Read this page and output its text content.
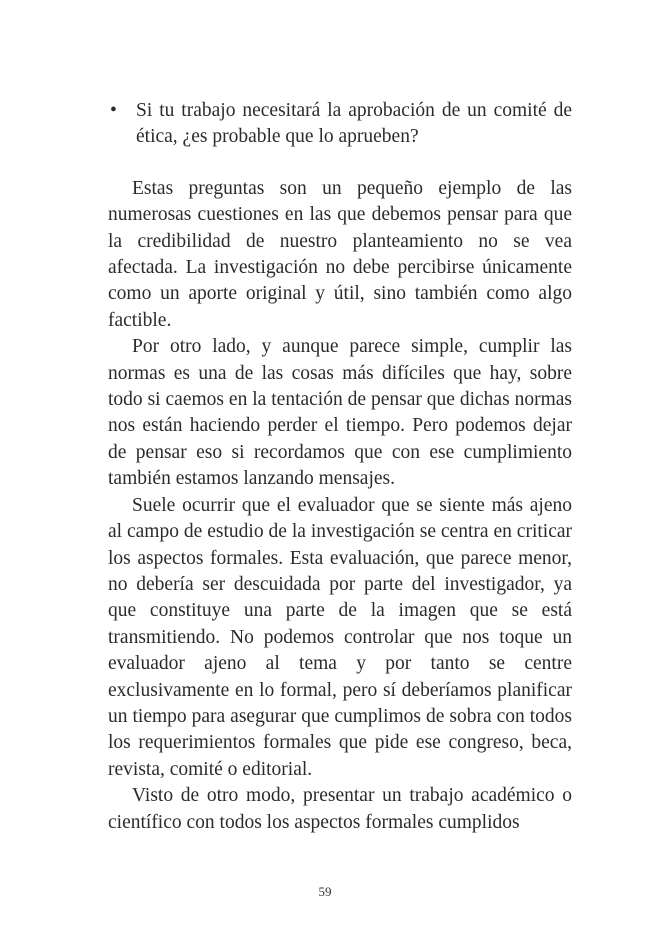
• Si tu trabajo necesitará la aprobación de un comité de ética, ¿es probable que lo aprueben?

Estas preguntas son un pequeño ejemplo de las numerosas cuestiones en las que debemos pensar para que la credibilidad de nuestro planteamiento no se vea afectada. La investigación no debe percibirse únicamente como un aporte original y útil, sino también como algo factible.

Por otro lado, y aunque parece simple, cumplir las normas es una de las cosas más difíciles que hay, sobre todo si caemos en la tentación de pensar que dichas normas nos están haciendo perder el tiempo. Pero podemos dejar de pensar eso si recordamos que con ese cumplimiento también estamos lanzando mensajes.

Suele ocurrir que el evaluador que se siente más ajeno al campo de estudio de la investigación se centra en criticar los aspectos formales. Esta evaluación, que parece menor, no debería ser descuidada por parte del investigador, ya que constituye una parte de la imagen que se está transmitiendo. No podemos controlar que nos toque un evaluador ajeno al tema y por tanto se centre exclusivamente en lo formal, pero sí deberíamos planificar un tiempo para asegurar que cumplimos de sobra con todos los requerimientos formales que pide ese congreso, beca, revista, comité o editorial.

Visto de otro modo, presentar un trabajo académico o científico con todos los aspectos formales cumplidos

59
